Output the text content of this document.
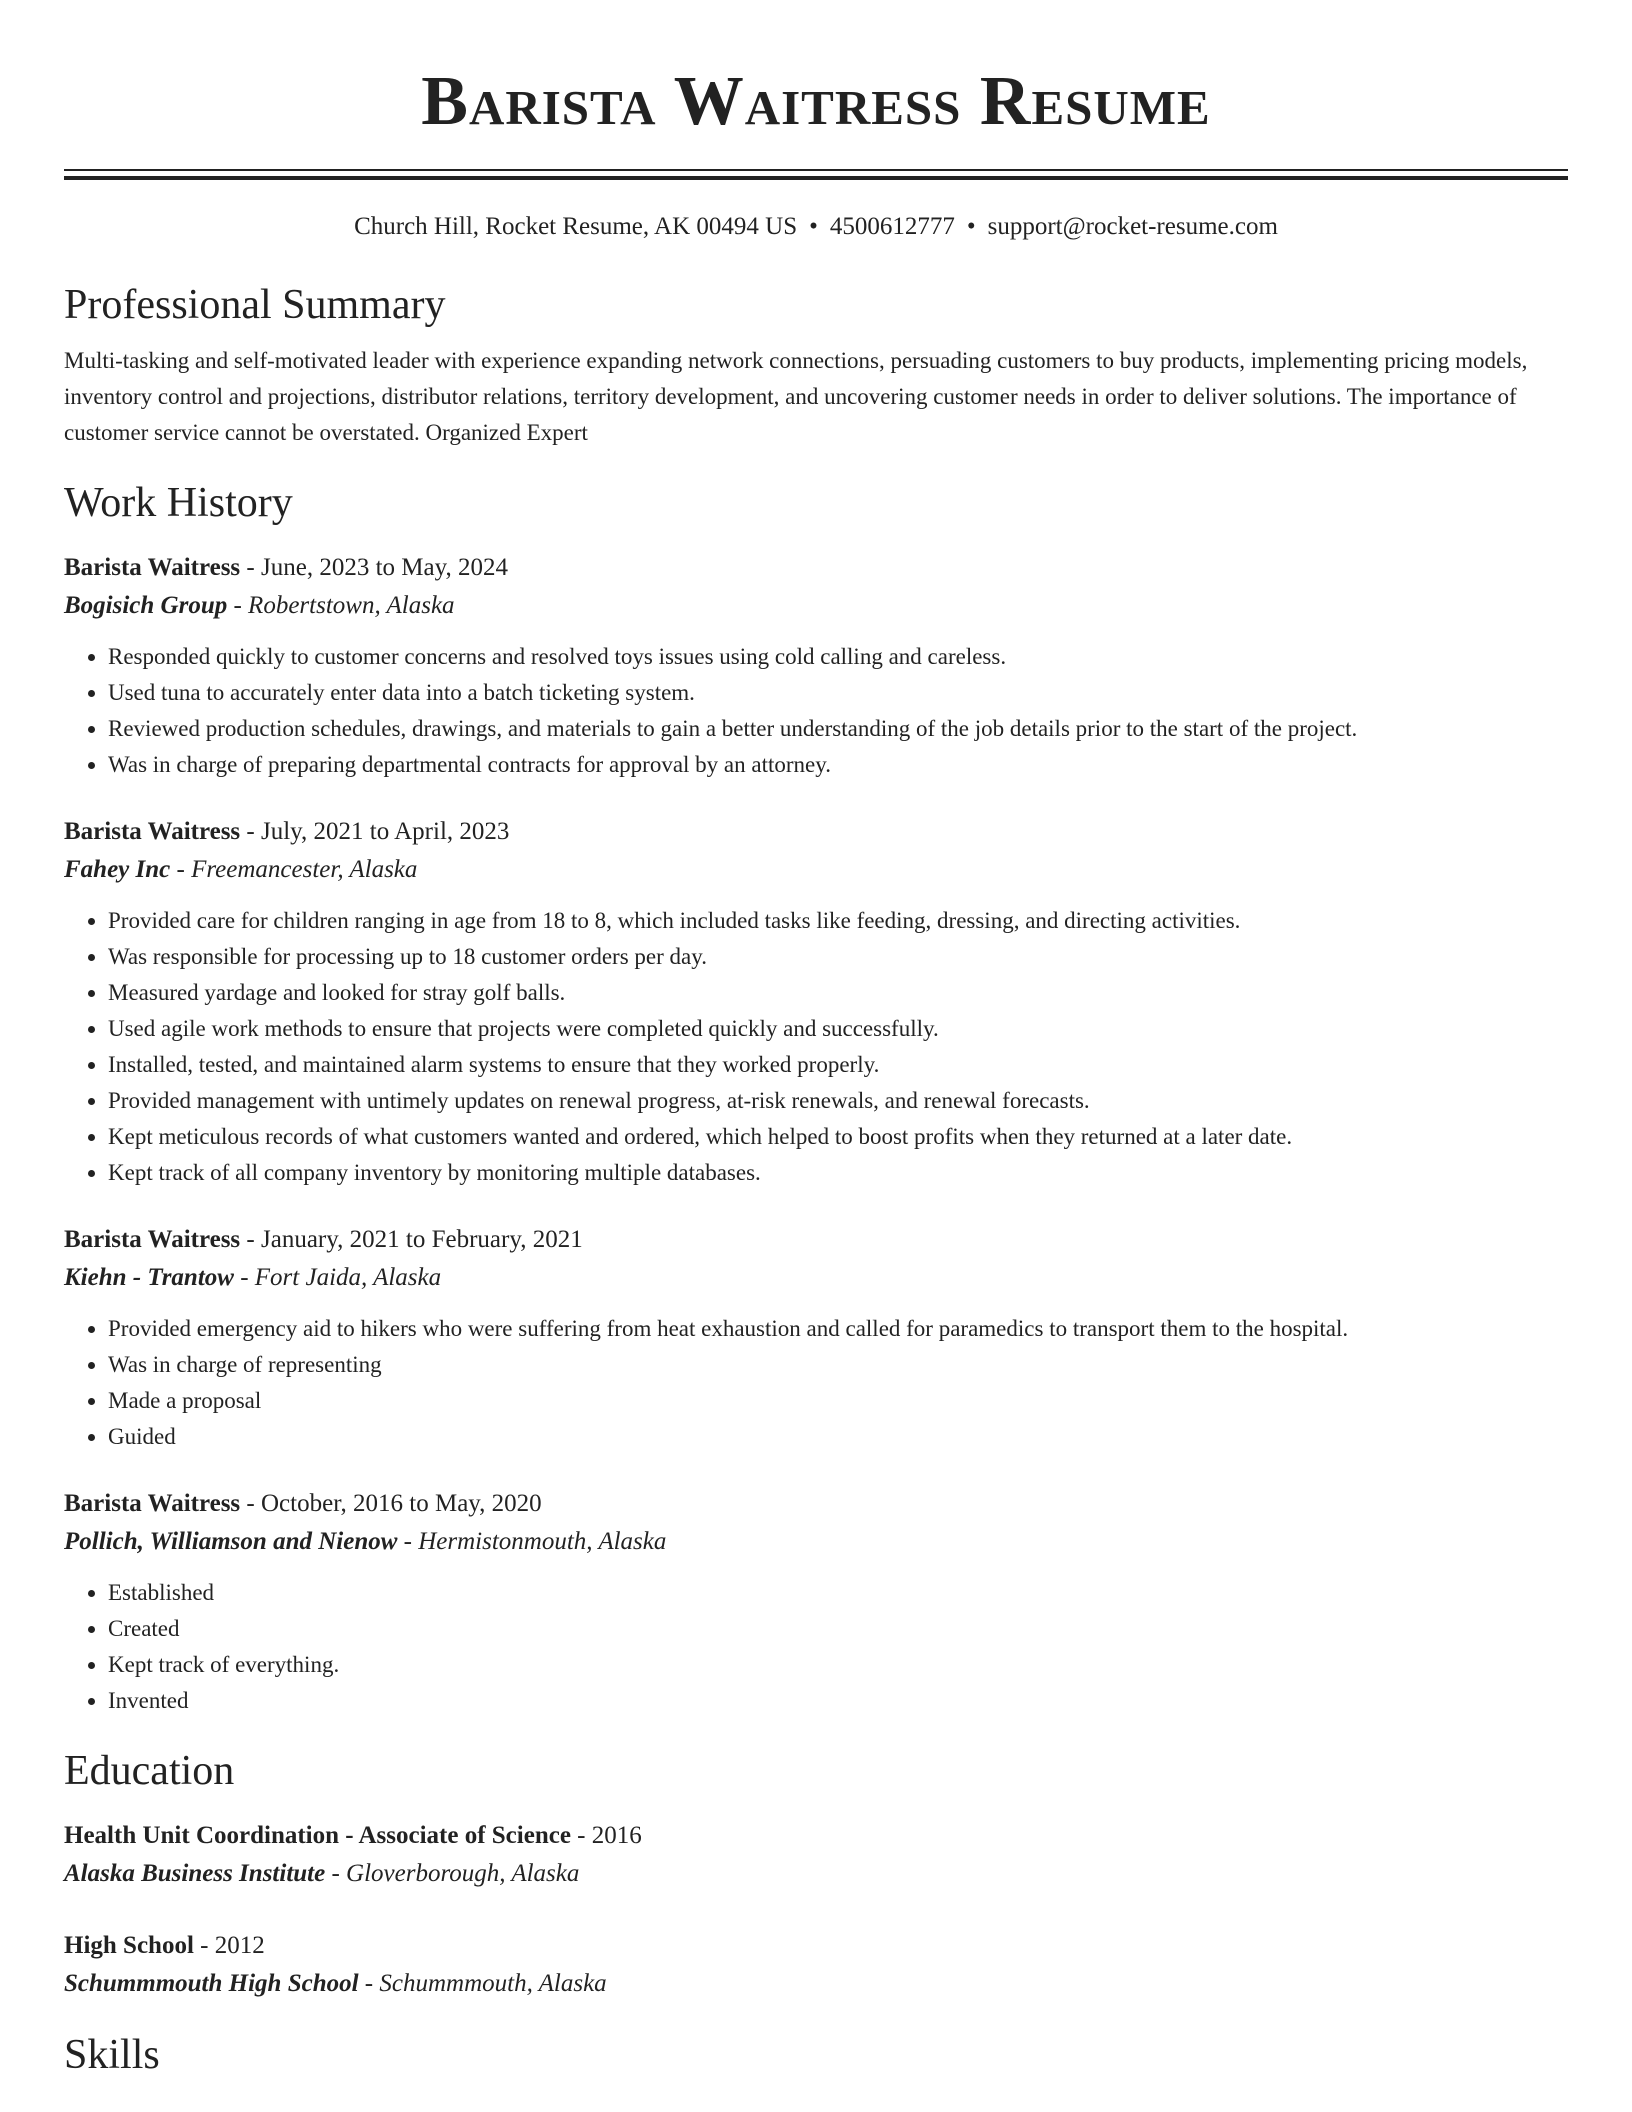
Barista Waitress Resume
Church Hill, Rocket Resume, AK 00494 US • 4500612777 • support@rocket-resume.com
Professional Summary

Multi-tasking and self-motivated leader with experience expanding network connections, persuading customers to buy products, implementing pricing models, inventory control and projections, distributor relations, territory development, and uncovering customer needs in order to deliver solutions. The importance of customer service cannot be overstated. Organized Expert

Work History

Barista Waitress - June, 2023 to May, 2024

Bogisich Group - Robertstown, Alaska

• Responded quickly to customer concerns and resolved toys issues using cold calling and careless.
• Used tuna to accurately enter data into a batch ticketing system.
• Reviewed production schedules, drawings, and materials to gain a better understanding of the job details prior to the start of the project.
• Was in charge of preparing departmental contracts for approval by an attorney.

Barista Waitress - July, 2021 to April, 2023

Fahey Inc - Freemancester, Alaska

• Provided care for children ranging in age from 18 to 8, which included tasks like feeding, dressing, and directing activities.
• Was responsible for processing up to 18 customer orders per day.
• Measured yardage and looked for stray golf balls.
• Used agile work methods to ensure that projects were completed quickly and successfully.
• Installed, tested, and maintained alarm systems to ensure that they worked properly.
• Provided management with untimely updates on renewal progress, at-risk renewals, and renewal forecasts.
• Kept meticulous records of what customers wanted and ordered, which helped to boost profits when they returned at a later date.
• Kept track of all company inventory by monitoring multiple databases.

Barista Waitress - January, 2021 to February, 2021

Kiehn - Trantow - Fort Jaida, Alaska

• Provided emergency aid to hikers who were suffering from heat exhaustion and called for paramedics to transport them to the hospital.
• Was in charge of representing
• Made a proposal
• Guided

Barista Waitress - October, 2016 to May, 2020

Pollich, Williamson and Nienow - Hermistonmouth, Alaska

• Established
• Created
• Kept track of everything.
• Invented
Education

Health Unit Coordination - Associate of Science - 2016

Alaska Business Institute - Gloverborough, Alaska

High School - 2012

Schummmouth High School - Schummmouth, Alaska

Skills
